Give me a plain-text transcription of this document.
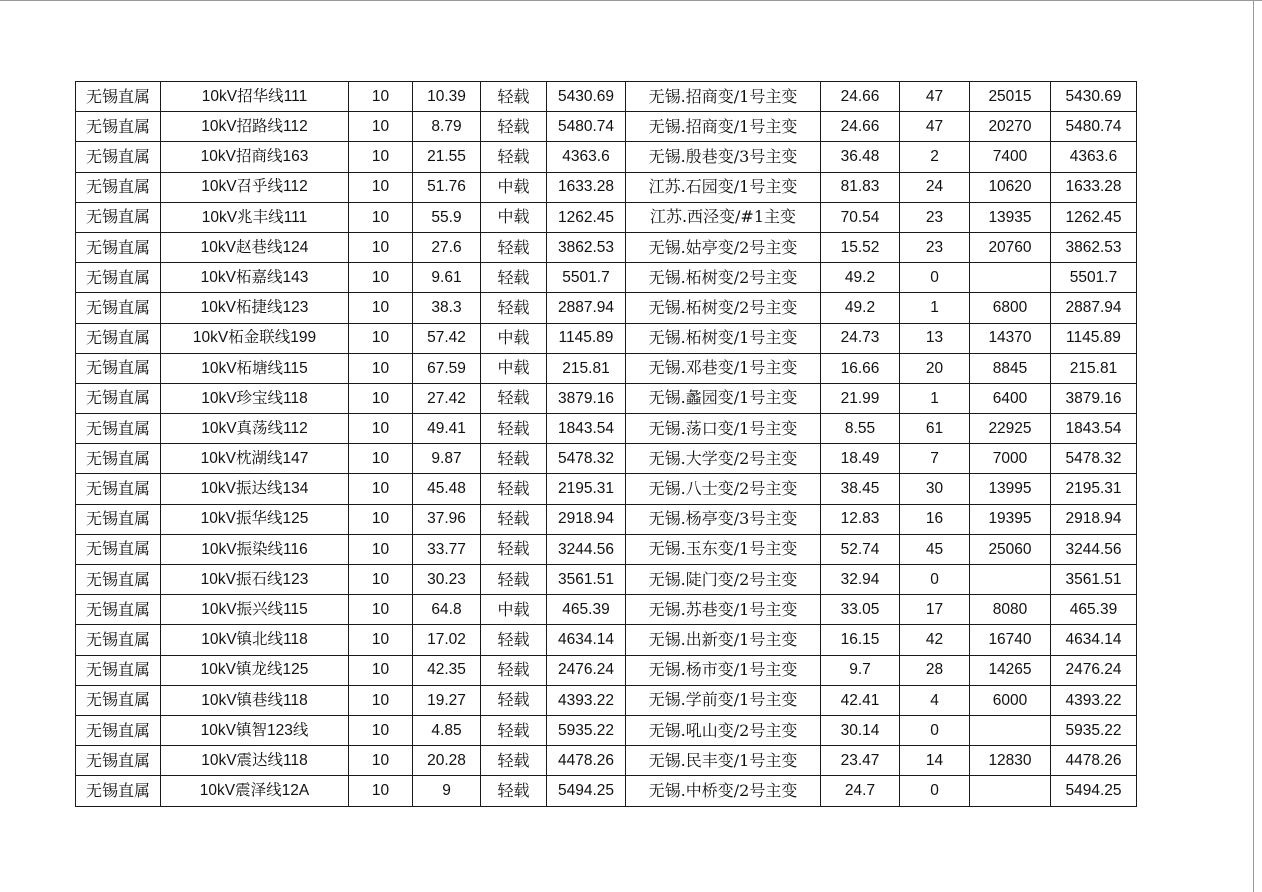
无锡直属	10kV招华线111	10	10.39	轻载	5430.69	无锡.招商变/1号主变	24.66	47	25015	5430.69
无锡直属	10kV招路线112	10	8.79	轻载	5480.74	无锡.招商变/1号主变	24.66	47	20270	5480.74
无锡直属	10kV招商线163	10	21.55	轻载	4363.6	无锡.殷巷变/3号主变	36.48	2	7400	4363.6
无锡直属	10kV召乎线112	10	51.76	中载	1633.28	江苏.石园变/1号主变	81.83	24	10620	1633.28
无锡直属	10kV兆丰线111	10	55.9	中载	1262.45	江苏.西泾变/#1主变	70.54	23	13935	1262.45
无锡直属	10kV赵巷线124	10	27.6	轻载	3862.53	无锡.姑亭变/2号主变	15.52	23	20760	3862.53
无锡直属	10kV柘嘉线143	10	9.61	轻载	5501.7	无锡.柘树变/2号主变	49.2	0		5501.7
无锡直属	10kV柘捷线123	10	38.3	轻载	2887.94	无锡.柘树变/2号主变	49.2	1	6800	2887.94
无锡直属	10kV柘金联线199	10	57.42	中载	1145.89	无锡.柘树变/1号主变	24.73	13	14370	1145.89
无锡直属	10kV柘塘线115	10	67.59	中载	215.81	无锡.邓巷变/1号主变	16.66	20	8845	215.81
无锡直属	10kV珍宝线118	10	27.42	轻载	3879.16	无锡.蠡园变/1号主变	21.99	1	6400	3879.16
无锡直属	10kV真荡线112	10	49.41	轻载	1843.54	无锡.荡口变/1号主变	8.55	61	22925	1843.54
无锡直属	10kV枕湖线147	10	9.87	轻载	5478.32	无锡.大学变/2号主变	18.49	7	7000	5478.32
无锡直属	10kV振达线134	10	45.48	轻载	2195.31	无锡.八士变/2号主变	38.45	30	13995	2195.31
无锡直属	10kV振华线125	10	37.96	轻载	2918.94	无锡.杨亭变/3号主变	12.83	16	19395	2918.94
无锡直属	10kV振染线116	10	33.77	轻载	3244.56	无锡.玉东变/1号主变	52.74	45	25060	3244.56
无锡直属	10kV振石线123	10	30.23	轻载	3561.51	无锡.陡门变/2号主变	32.94	0		3561.51
无锡直属	10kV振兴线115	10	64.8	中载	465.39	无锡.苏巷变/1号主变	33.05	17	8080	465.39
无锡直属	10kV镇北线118	10	17.02	轻载	4634.14	无锡.出新变/1号主变	16.15	42	16740	4634.14
无锡直属	10kV镇龙线125	10	42.35	轻载	2476.24	无锡.杨市变/1号主变	9.7	28	14265	2476.24
无锡直属	10kV镇巷线118	10	19.27	轻载	4393.22	无锡.学前变/1号主变	42.41	4	6000	4393.22
无锡直属	10kV镇智123线	10	4.85	轻载	5935.22	无锡.吼山变/2号主变	30.14	0		5935.22
无锡直属	10kV震达线118	10	20.28	轻载	4478.26	无锡.民丰变/1号主变	23.47	14	12830	4478.26
无锡直属	10kV震泽线12A	10	9	轻载	5494.25	无锡.中桥变/2号主变	24.7	0		5494.25
